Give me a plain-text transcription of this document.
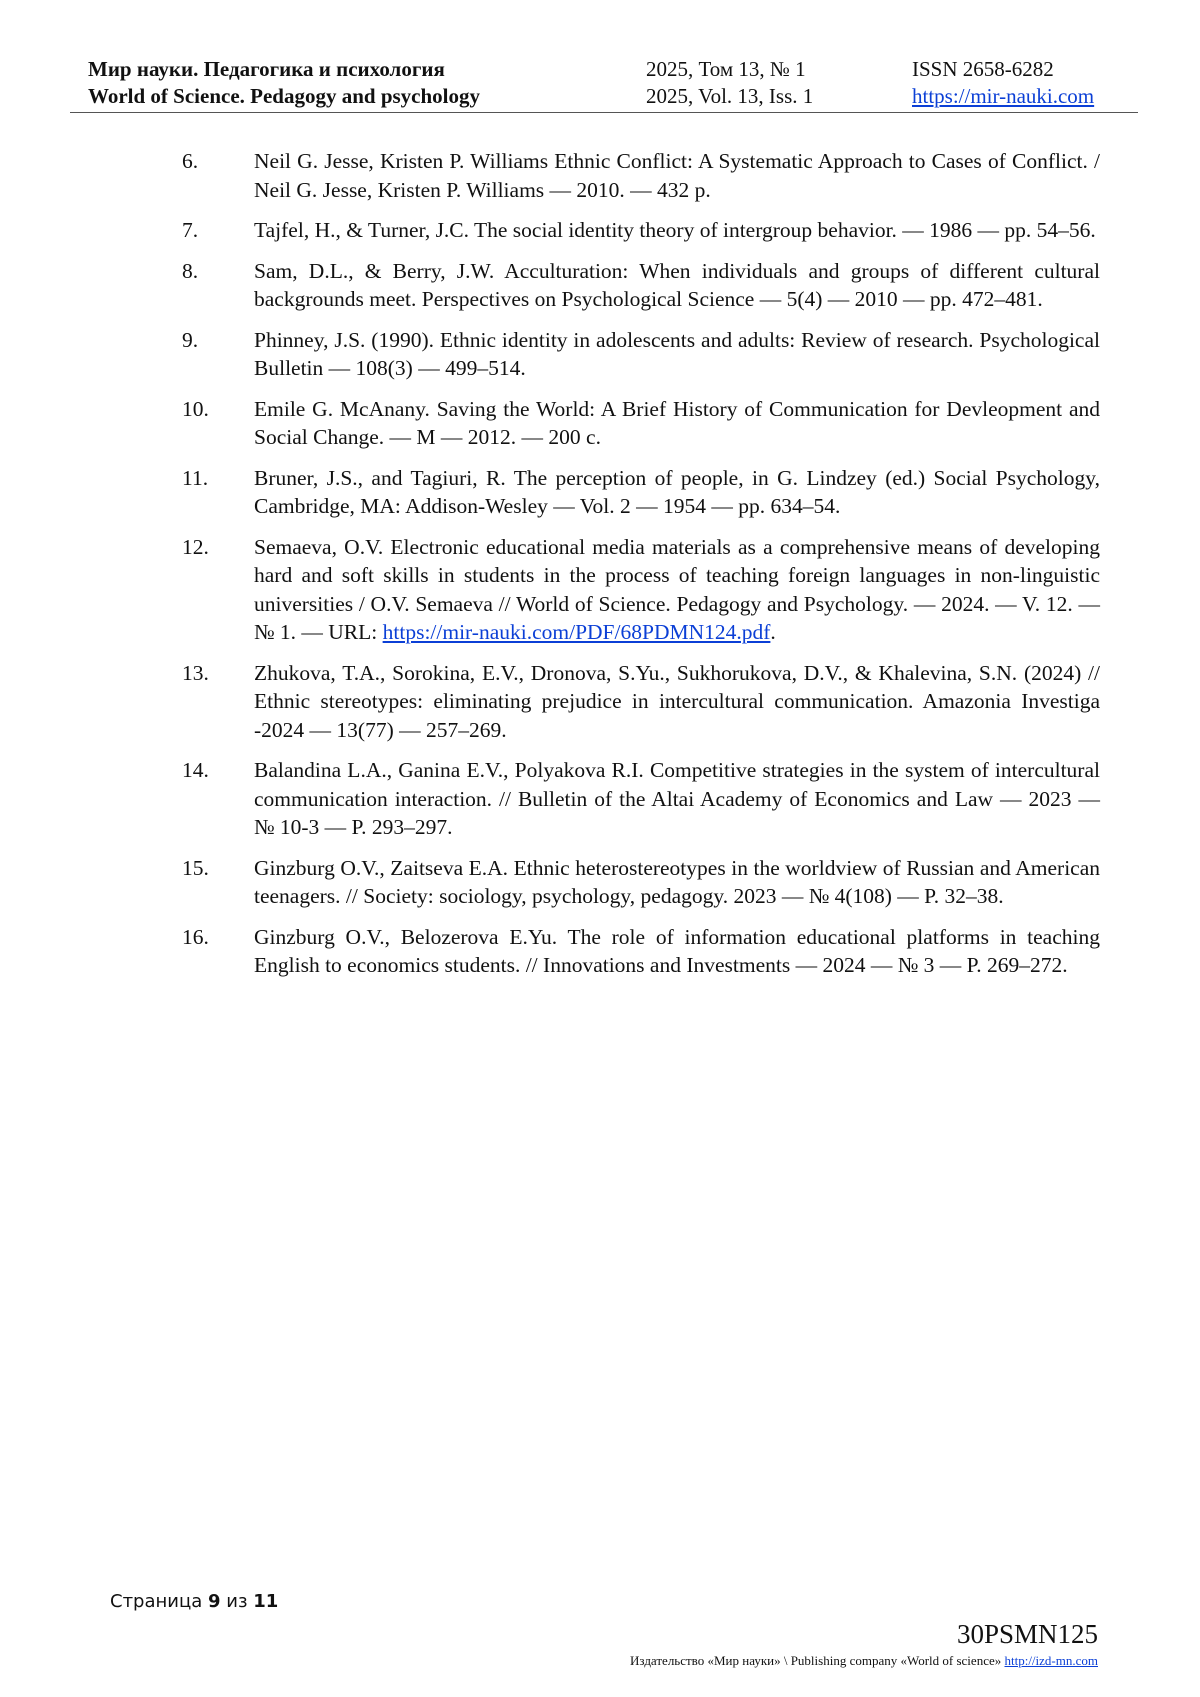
Мир науки. Педагогика и психология	2025, Том 13, № 1	ISSN 2658-6282
World of Science. Pedagogy and psychology	2025, Vol. 13, Iss. 1	https://mir-nauki.com
6.	Neil G. Jesse, Kristen P. Williams Ethnic Conflict: A Systematic Approach to Cases of Conflict. / Neil G. Jesse, Kristen P. Williams — 2010. — 432 p.
7.	Tajfel, H., & Turner, J.C. The social identity theory of intergroup behavior. — 1986 — pp. 54–56.
8.	Sam, D.L., & Berry, J.W. Acculturation: When individuals and groups of different cultural backgrounds meet. Perspectives on Psychological Science — 5(4) — 2010 — pp. 472–481.
9.	Phinney, J.S. (1990). Ethnic identity in adolescents and adults: Review of research. Psychological Bulletin — 108(3) — 499–514.
10. Emile G. McAnany. Saving the World: A Brief History of Communication for Devleopment and Social Change. — M — 2012. — 200 c.
11. Bruner, J.S., and Tagiuri, R. The perception of people, in G. Lindzey (ed.) Social Psychology, Cambridge, MA: Addison-Wesley — Vol. 2 — 1954 — pp. 634–54.
12. Semaeva, O.V. Electronic educational media materials as a comprehensive means of developing hard and soft skills in students in the process of teaching foreign languages in non-linguistic universities / O.V. Semaeva // World of Science. Pedagogy and Psychology. — 2024. — V. 12. — № 1. — URL: https://mir-nauki.com/PDF/68PDMN124.pdf.
13. Zhukova, T.A., Sorokina, E.V., Dronova, S.Yu., Sukhorukova, D.V., & Khalevina, S.N. (2024) // Ethnic stereotypes: eliminating prejudice in intercultural communication. Amazonia Investiga -2024 — 13(77) — 257–269.
14. Balandina L.A., Ganina E.V., Polyakova R.I. Competitive strategies in the system of intercultural communication interaction. // Bulletin of the Altai Academy of Economics and Law — 2023 — № 10-3 — P. 293–297.
15. Ginzburg O.V., Zaitseva E.A. Ethnic heterostereotypes in the worldview of Russian and American teenagers. // Society: sociology, psychology, pedagogy. 2023 — № 4(108) — P. 32–38.
16. Ginzburg O.V., Belozerova E.Yu. The role of information educational platforms in teaching English to economics students. // Innovations and Investments — 2024 — № 3 — P. 269–272.
Страница 9 из 11
30PSMN125
Издательство «Мир науки» \ Publishing company «World of science» http://izd-mn.com
